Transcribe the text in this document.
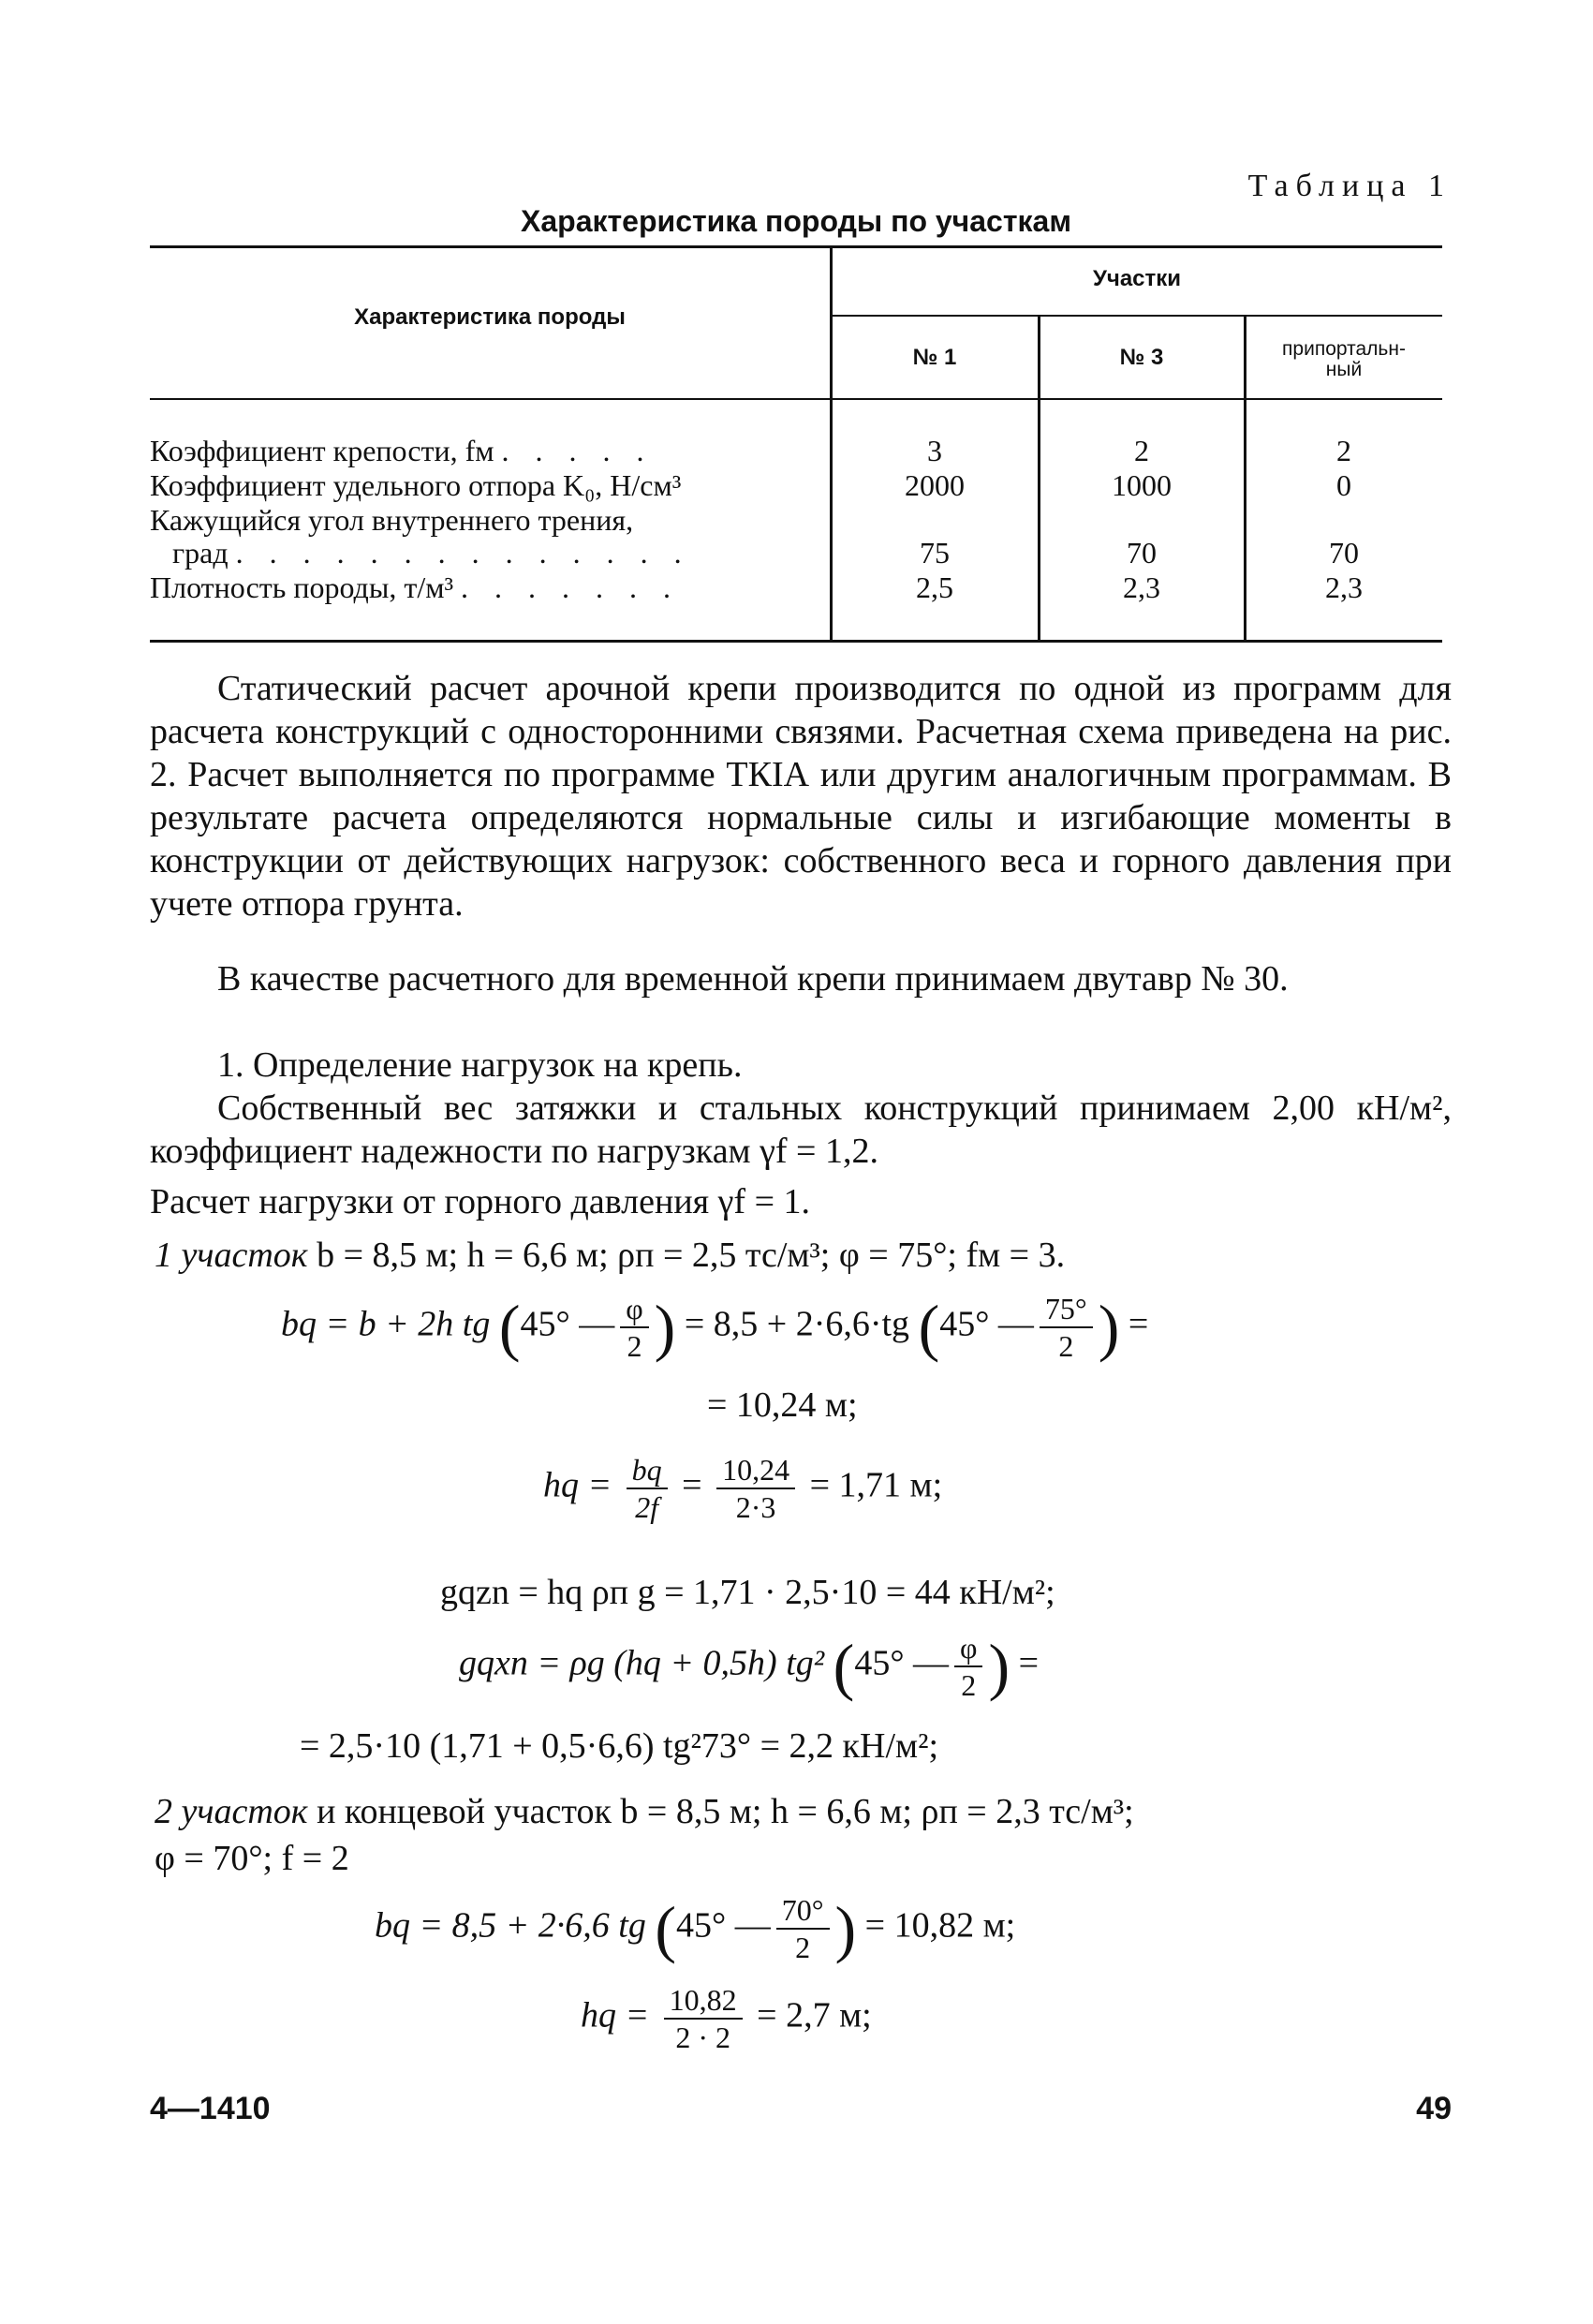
Таблица 1
Характеристика породы по участкам
Характеристика породы
Участки
№ 1	№ 3	припортальн-
ный
Коэффициент крепости, fм . . . . .	3	2	2
Коэффициент удельного отпора K₀, Н/см³	2000	1000	0
Кажущийся угол внутреннего трения,
град . . . . . . . . . . . . . .	75	70	70
Плотность породы, т/м³ . . . . . . .	2,5	2,3	2,3
Статический расчет арочной крепи производится по одной из программ для расчета конструкций с односторонними связями. Расчетная схема приведена на рис. 2. Расчет выполняется по программе ТКIА или другим аналогичным программам. В результате расчета определяются нормальные силы и изгибающие моменты в конструкции от действующих нагрузок: собственного веса и горного давления при учете отпора грунта.
В качестве расчетного для временной крепи принимаем двутавр № 30.
1. Определение нагрузок на крепь.
Собственный вес затяжки и стальных конструкций принимаем 2,00 кН/м², коэффициент надежности по нагрузкам γf = 1,2.
Расчет нагрузки от горного давления γf = 1.
1 участок b = 8,5 м; h = 6,6 м; ρп = 2,5 тс/м³; φ = 75°; fм = 3.
bq = b + 2h tg (45° — $\frac{\varphi}{2}$ ) = 8,5 + 2·6,6·tg (45° — $\frac{75^\circ}{2}$ ) =
= 10,24 м;
hq = $\frac{bq}{2f} = \frac{10,24}{2\cdot 3} = 1,71$ м;
gqzn = hq ρп g = 1,71 · 2,5·10 = 44 кН/м²;
gqxn = ρg (hq + 0,5h) tg² (45° — $\frac{\varphi}{2}$ ) =
= 2,5·10 (1,71 + 0,5·6,6) tg²73° = 2,2 кН/м²;
2 участок и концевой участок b = 8,5 м; h = 6,6 м; ρп = 2,3 тс/м³;
φ = 70°; f = 2
bq = 8,5 + 2·6,6 tg (45° — $\frac{70^\circ}{2}$ ) = 10,82 м;
hq = $\frac{10,82}{2 \cdot 2} = 2,7$ м;
4—1410	49
